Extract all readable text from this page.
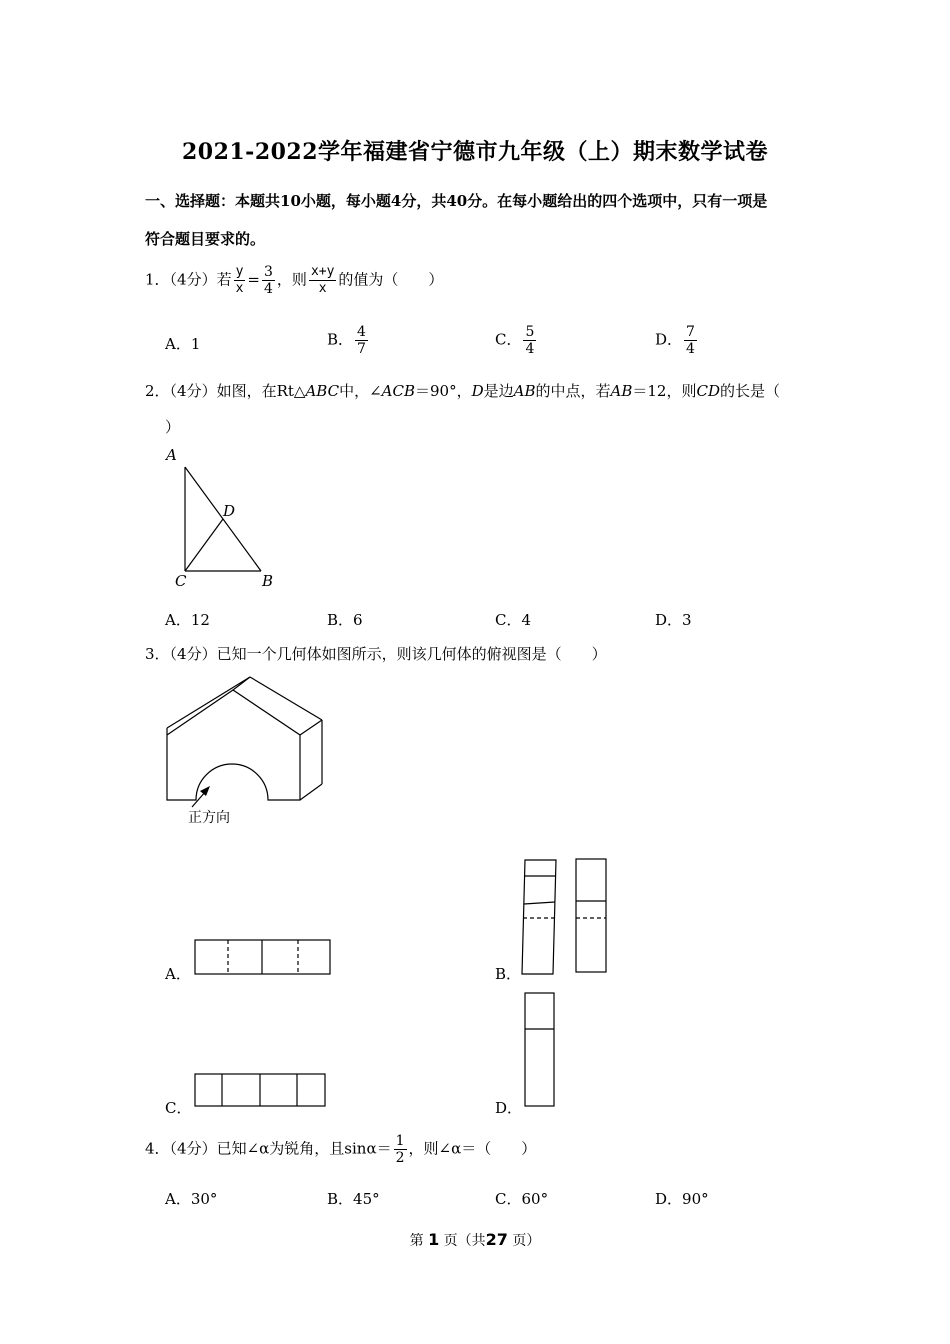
2021-2022学年福建省宁德市九年级（上）期末数学试卷
一、选择题：本题共10小题，每小题4分，共40分。在每小题给出的四个选项中，只有一项是
符合题目要求的。
1．（4分）若 $\frac{y}{x} = \frac{3}{4}$ ，则 $\frac{x+y}{x}$ 的值为（　　）
A．1	B． $\frac{4}{7}$	C． $\frac{5}{4}$	D． $\frac{7}{4}$
2．（4分）如图，在Rt△ABC中，∠ACB＝90°，D是边AB的中点，若AB＝12，则CD的长是（
）
A
D
C	B
A．12	B．6	C．4	D．3
3．（4分）已知一个几何体如图所示，则该几何体的俯视图是（　　）
正方向
A．	B．
C．	D．
4．（4分）已知∠α为锐角，且$\sin\alpha= \frac{1}{2}$ ，则∠α＝（　　）
A．30°	B．45°	C．60°	D．90°
第 1 页（共27 页）
